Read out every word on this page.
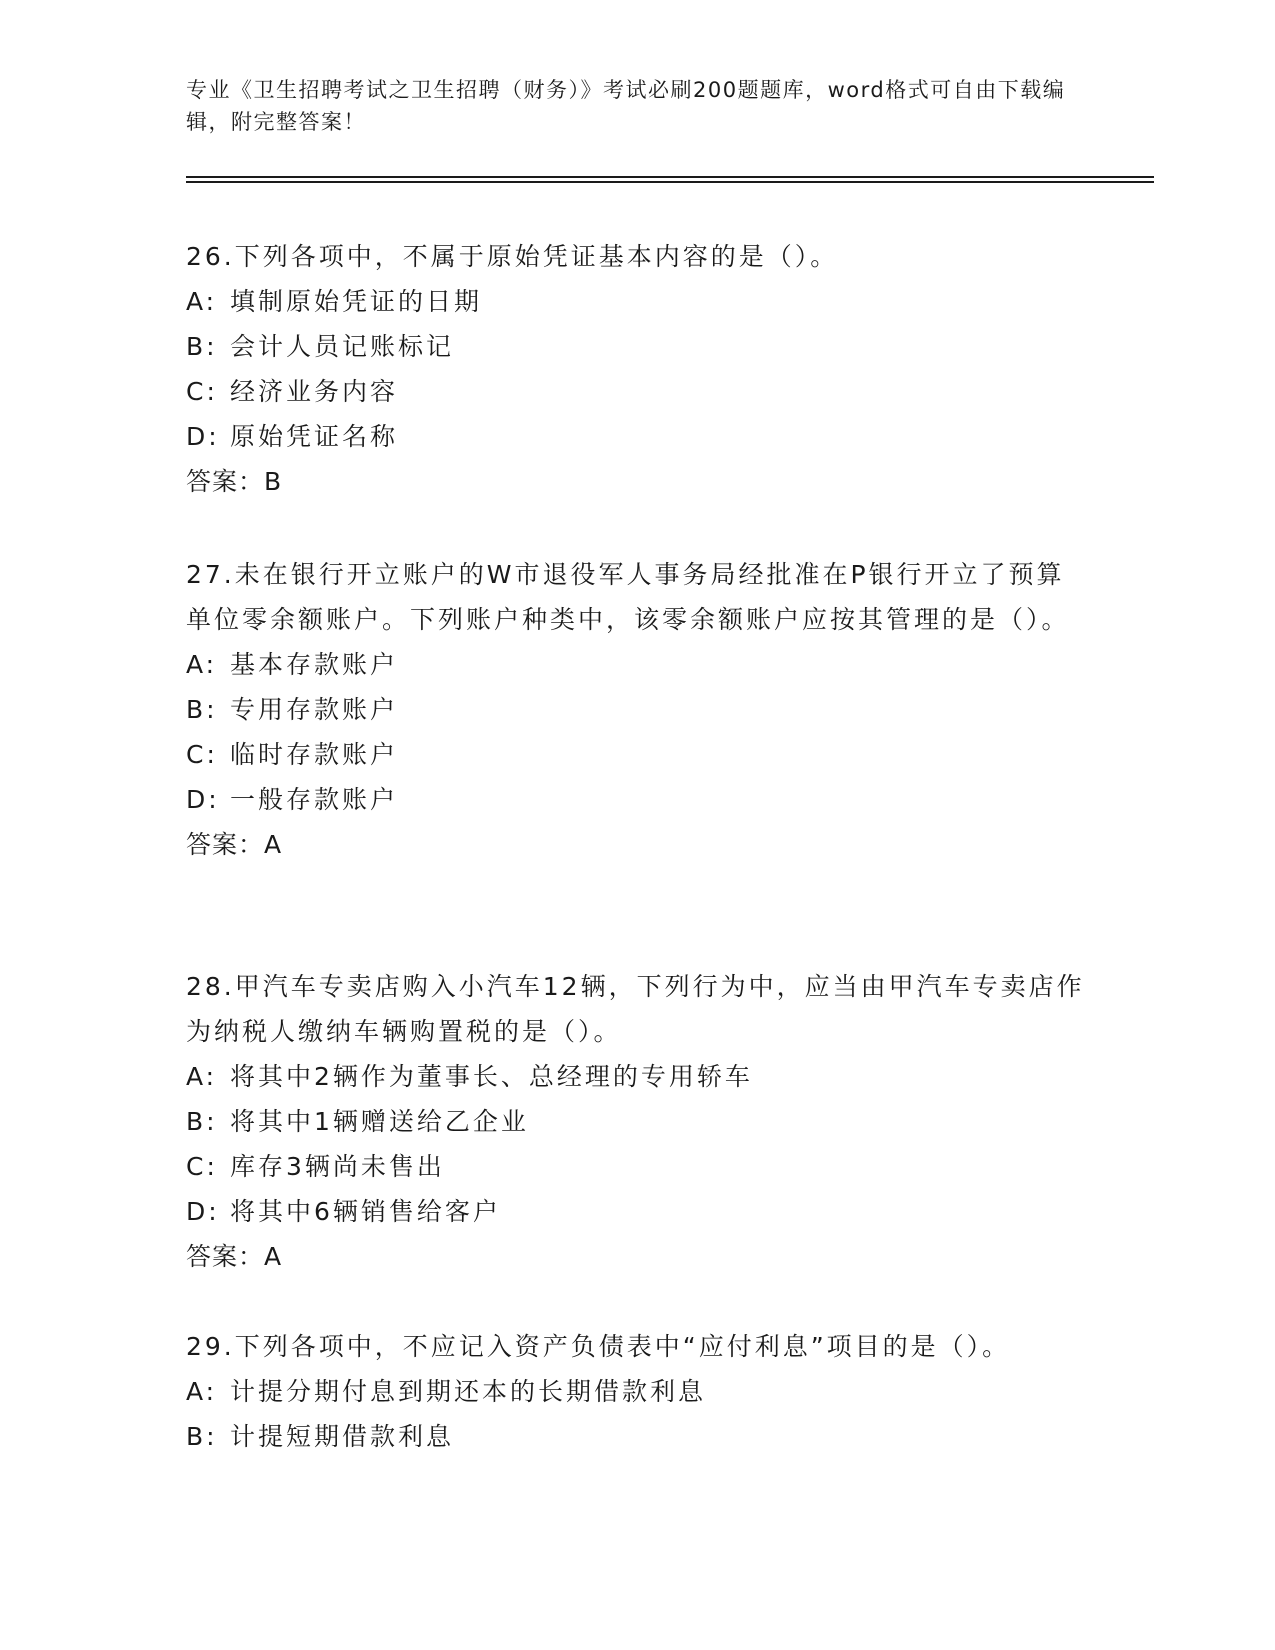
专业《卫生招聘考试之卫生招聘（财务）》考试必刷200题题库，word格式可自由下载编辑，附完整答案！
26.下列各项中，不属于原始凭证基本内容的是（）。
A: 填制原始凭证的日期
B: 会计人员记账标记
C: 经济业务内容
D: 原始凭证名称
答案：B
27.未在银行开立账户的W市退役军人事务局经批准在P银行开立了预算单位零余额账户。下列账户种类中，该零余额账户应按其管理的是（）。
A: 基本存款账户
B: 专用存款账户
C: 临时存款账户
D: 一般存款账户
答案：A
28.甲汽车专卖店购入小汽车12辆，下列行为中，应当由甲汽车专卖店作为纳税人缴纳车辆购置税的是（）。
A: 将其中2辆作为董事长、总经理的专用轿车
B: 将其中1辆赠送给乙企业
C: 库存3辆尚未售出
D: 将其中6辆销售给客户
答案：A
29.下列各项中，不应记入资产负债表中“应付利息”项目的是（）。
A: 计提分期付息到期还本的长期借款利息
B: 计提短期借款利息
